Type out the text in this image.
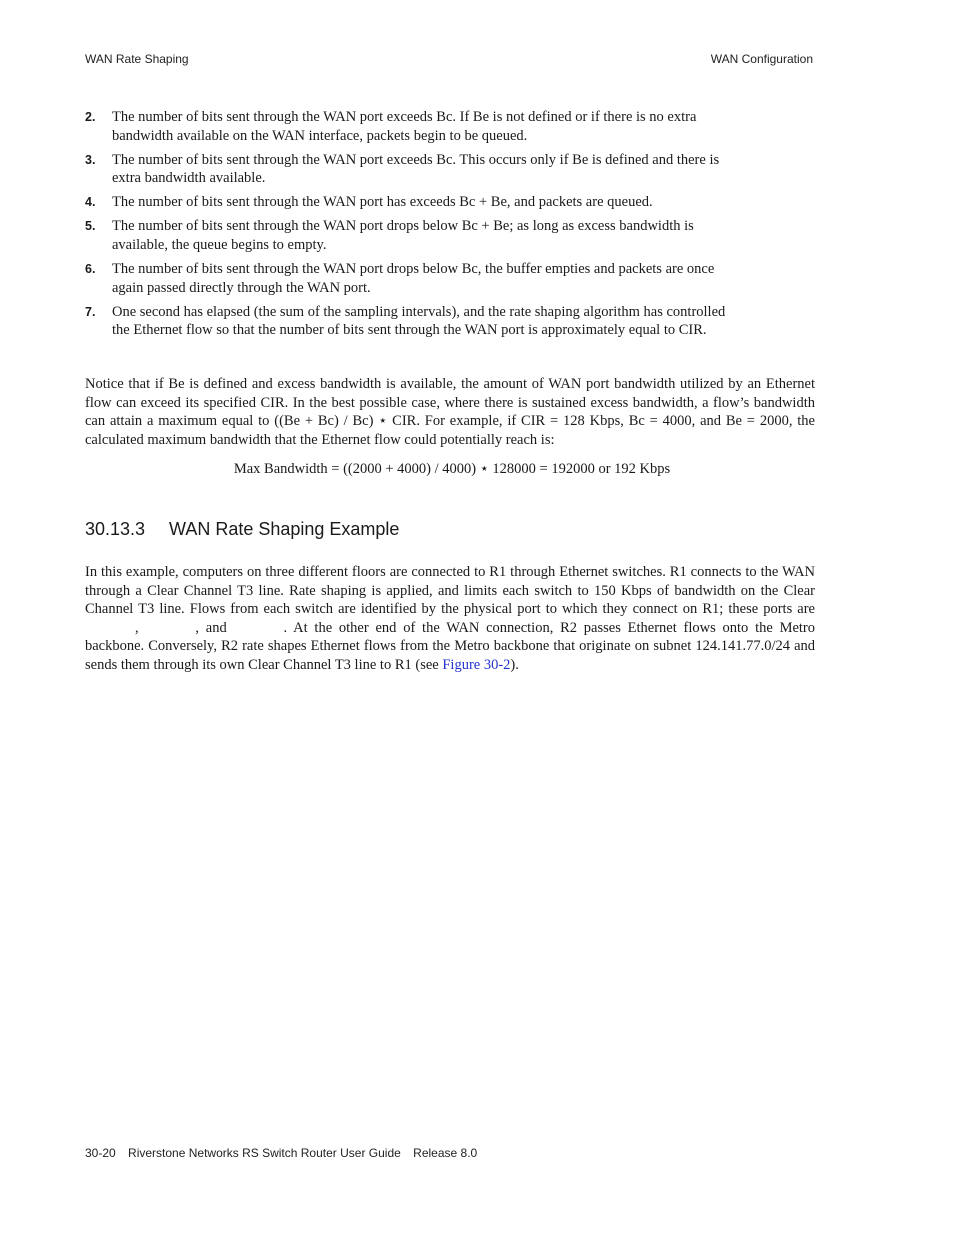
WAN Rate Shaping	WAN Configuration
2.	The number of bits sent through the WAN port exceeds Bc. If Be is not defined or if there is no extra bandwidth available on the WAN interface, packets begin to be queued.
3.	The number of bits sent through the WAN port exceeds Bc. This occurs only if Be is defined and there is extra bandwidth available.
4.	The number of bits sent through the WAN port has exceeds Bc + Be, and packets are queued.
5.	The number of bits sent through the WAN port drops below Bc + Be; as long as excess bandwidth is available, the queue begins to empty.
6.	The number of bits sent through the WAN port drops below Bc, the buffer empties and packets are once again passed directly through the WAN port.
7.	One second has elapsed (the sum of the sampling intervals), and the rate shaping algorithm has controlled the Ethernet flow so that the number of bits sent through the WAN port is approximately equal to CIR.

Notice that if Be is defined and excess bandwidth is available, the amount of WAN port bandwidth utilized by an Ethernet flow can exceed its specified CIR. In the best possible case, where there is sustained excess bandwidth, a flow’s bandwidth can attain a maximum equal to ((Be + Bc) / Bc) ⋆ CIR. For example, if CIR = 128 Kbps, Bc = 4000, and Be = 2000, the calculated maximum bandwidth that the Ethernet flow could potentially reach is:

Max Bandwidth = ((2000 + 4000) / 4000) ⋆ 128000 = 192000 or 192 Kbps
30.13.3 WAN Rate Shaping Example

In this example, computers on three different floors are connected to R1 through Ethernet switches. R1 connects to the WAN through a Clear Channel T3 line. Rate shaping is applied, and limits each switch to 150 Kbps of bandwidth on the Clear Channel T3 line. Flows from each switch are identified by the physical port to which they connect on R1; these ports are ,	, and	. At the other end of the WAN connection, R2 passes Ethernet flows onto the Metro backbone. Conversely, R2 rate shapes Ethernet flows from the Metro backbone that originate on subnet 124.141.77.0/24 and sends them through its own Clear Channel T3 line to R1 (see Figure 30-2).

30-20 Riverstone Networks RS Switch Router User Guide Release 8.0
